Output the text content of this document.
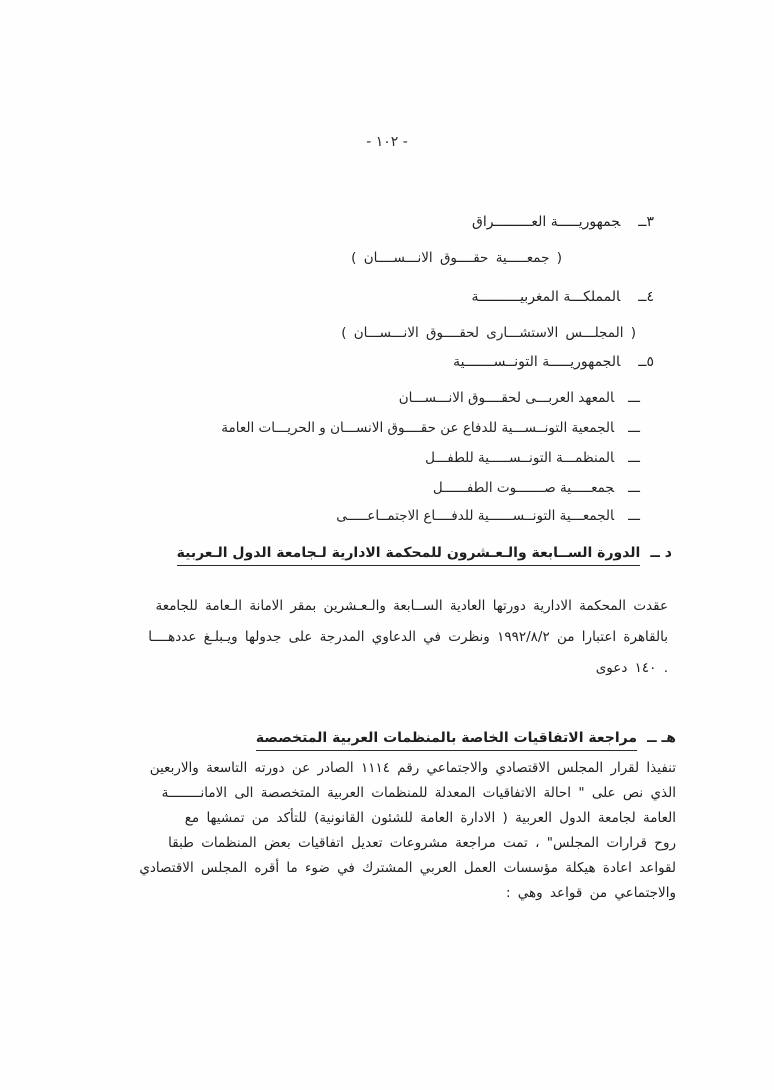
- ١٠٢ -
٣ــجمهوريـــــة العـــــــــراق
( جمعـــــية حقــــوق الانـــســــان )
٤ــالمملكـــة المغربيــــــــــة
( المجلـــس الاستشـــارى لحقــــوق الانـــســـان )
٥ــالجمهوريـــــة التونــســـــــية
ـــالمعهد العربـــى لحقــــوق الانـــســـان
ـــالجمعية التونــســـية للدفاع عن حقــــوق الانســـان و الحريـــات العامة
ـــالمنظمـــة التونــســـــية للطفـــل
ـــجمعـــــية صـــــــوت الطفــــــل
ـــالجمعـــية التونــســــــية للدفــــاع الاجتمــاعـــــى
د ــالدورة الســابعة والـعـشرون للمحكمة الادارية لـجامعة الدول الـعربية
عقدت المحكمة الادارية دورتها العادية الســابعة والـعـشرين بمقر الامانة الـعامة للجامعة
بالقاهرة اعتبارا من ١٩٩٢/٨/٢ ونظرت في الدعاوي المدرجة على جدولها ويـبلـغ عددهــــا
١٤٠ دعوى .
هـ ــمراجعة الاتفاقيات الخاصة بالمنظمات العربية المتخصصة
تنفيذا لقرار المجلس الاقتصادي والاجتماعي رقم ١١١٤ الصادر عن دورته التاسعة والاربعين
الذي نص على " احالة الاتفاقيات المعدلة للمنظمات العربية المتخصصة الى الامانــــــــة
العامة لجامعة الدول العربية ( الادارة العامة للشئون القانونية) للتأكد من تمشيها مع
روح قرارات المجلس" ، تمت مراجعة مشروعات تعديل اتفاقيات بعض المنظمات طبقا
لقواعد اعادة هيكلة مؤسسات العمل العربي المشترك في ضوء ما أقره المجلس الاقتصادي
والاجتماعي من قواعد وهي :
